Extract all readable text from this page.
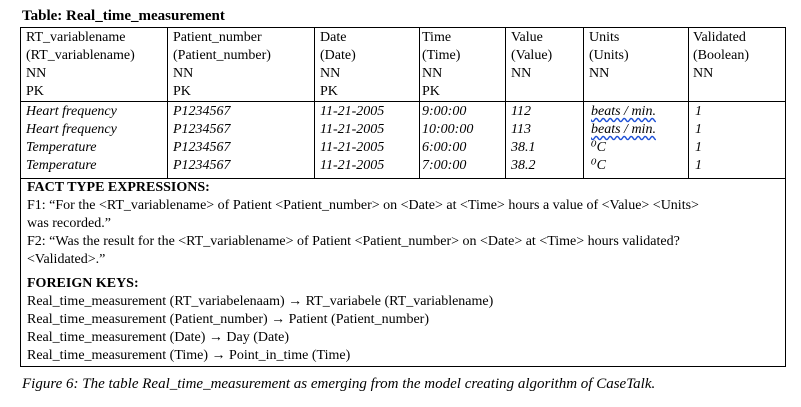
Table: Real_time_measurement
RT_variablename
(RT_variablename)
NN
PK
Patient_number
(Patient_number)
NN
PK
Date
(Date)
NN
PK
Time
(Time)
NN
PK
Value
(Value)
NN
Units
(Units)
NN
Validated
(Boolean)
NN
Heart frequency
Heart frequency
Temperature
Temperature
P1234567
P1234567
P1234567
P1234567
11-21-2005
11-21-2005
11-21-2005
11-21-2005
9:00:00
10:00:00
6:00:00
7:00:00
112
113
38.1
38.2
beats / min.
beats / min.
⁰C
⁰C
1
1
1
1
FACT TYPE EXPRESSIONS:
F1: “For the <RT_variablename> of Patient <Patient_number> on <Date> at <Time> hours a value of <Value> <Units>
was recorded.”
F2: “Was the result for the <RT_variablename> of Patient <Patient_number> on <Date> at <Time> hours validated?
<Validated>.”
FOREIGN KEYS:
Real_time_measurement (RT_variabelenaam) → RT_variabele (RT_variablename)
Real_time_measurement (Patient_number) → Patient (Patient_number)
Real_time_measurement (Date) → Day (Date)
Real_time_measurement (Time) → Point_in_time (Time)
Figure 6: The table Real_time_measurement as emerging from the model creating algorithm of CaseTalk.
